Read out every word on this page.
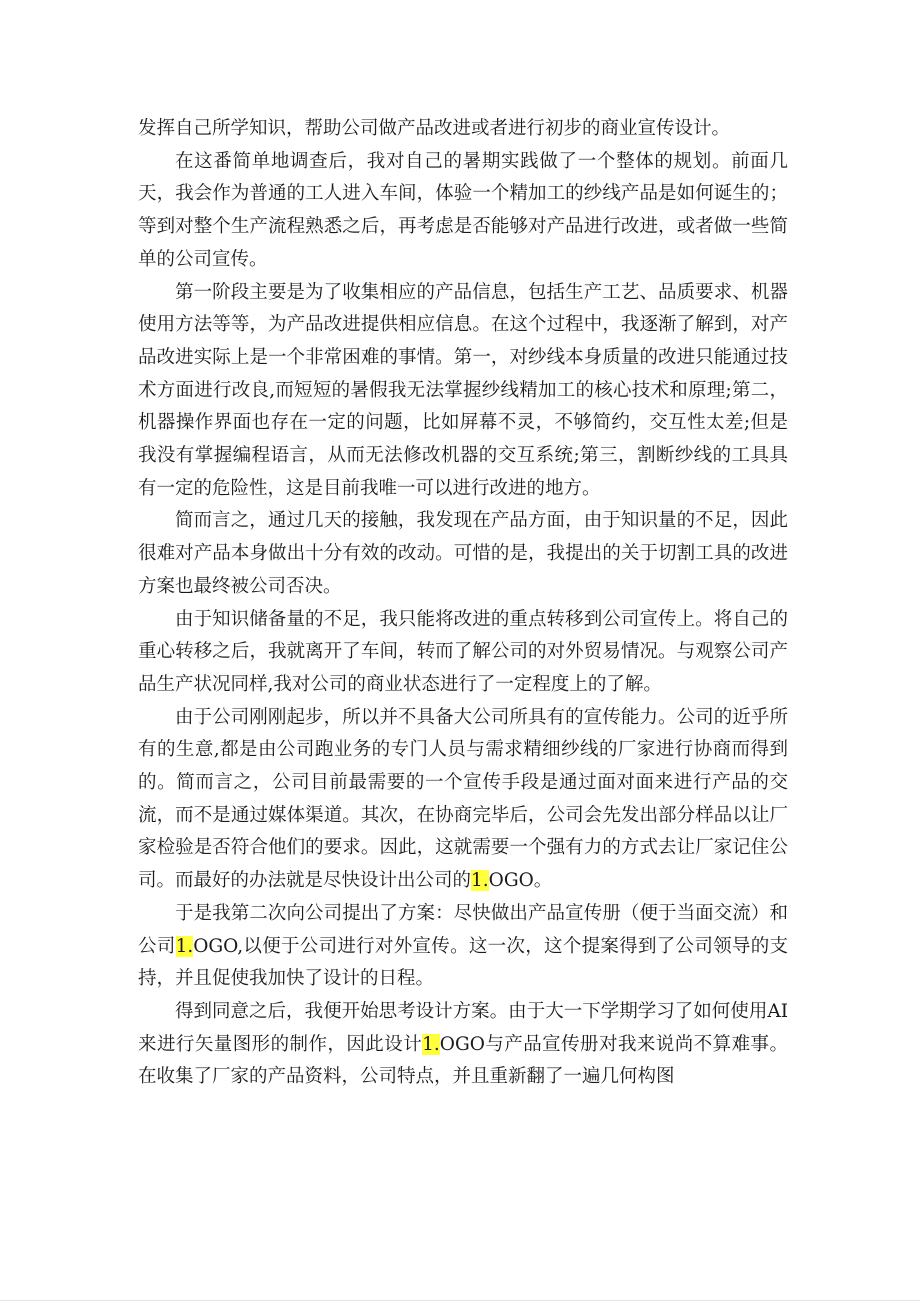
发挥自己所学知识，帮助公司做产品改进或者进行初步的商业宣传设计。

在这番简单地调查后，我对自己的暑期实践做了一个整体的规划。前面几天，我会作为普通的工人进入车间，体验一个精加工的纱线产品是如何诞生的；等到对整个生产流程熟悉之后，再考虑是否能够对产品进行改进，或者做一些简单的公司宣传。

第一阶段主要是为了收集相应的产品信息，包括生产工艺、品质要求、机器使用方法等等，为产品改进提供相应信息。在这个过程中，我逐渐了解到，对产品改进实际上是一个非常困难的事情。第一，对纱线本身质量的改进只能通过技术方面进行改良,而短短的暑假我无法掌握纱线精加工的核心技术和原理;第二，机器操作界面也存在一定的问题，比如屏幕不灵，不够简约，交互性太差;但是我没有掌握编程语言，从而无法修改机器的交互系统;第三，割断纱线的工具具有一定的危险性，这是目前我唯一可以进行改进的地方。

简而言之，通过几天的接触，我发现在产品方面，由于知识量的不足，因此很难对产品本身做出十分有效的改动。可惜的是，我提出的关于切割工具的改进方案也最终被公司否决。

由于知识储备量的不足，我只能将改进的重点转移到公司宣传上。将自己的重心转移之后，我就离开了车间，转而了解公司的对外贸易情况。与观察公司产品生产状况同样,我对公司的商业状态进行了一定程度上的了解。

由于公司刚刚起步，所以并不具备大公司所具有的宣传能力。公司的近乎所有的生意,都是由公司跑业务的专门人员与需求精细纱线的厂家进行协商而得到的。简而言之，公司目前最需要的一个宣传手段是通过面对面来进行产品的交流，而不是通过媒体渠道。其次，在协商完毕后，公司会先发出部分样品以让厂家检验是否符合他们的要求。因此，这就需要一个强有力的方式去让厂家记住公司。而最好的办法就是尽快设计出公司的1.OGO。

于是我第二次向公司提出了方案：尽快做出产品宣传册（便于当面交流）和公司1.OGO,以便于公司进行对外宣传。这一次，这个提案得到了公司领导的支持，并且促使我加快了设计的日程。

得到同意之后，我便开始思考设计方案。由于大一下学期学习了如何使用AI来进行矢量图形的制作，因此设计1.OGO与产品宣传册对我来说尚不算难事。在收集了厂家的产品资料，公司特点，并且重新翻了一遍几何构图
